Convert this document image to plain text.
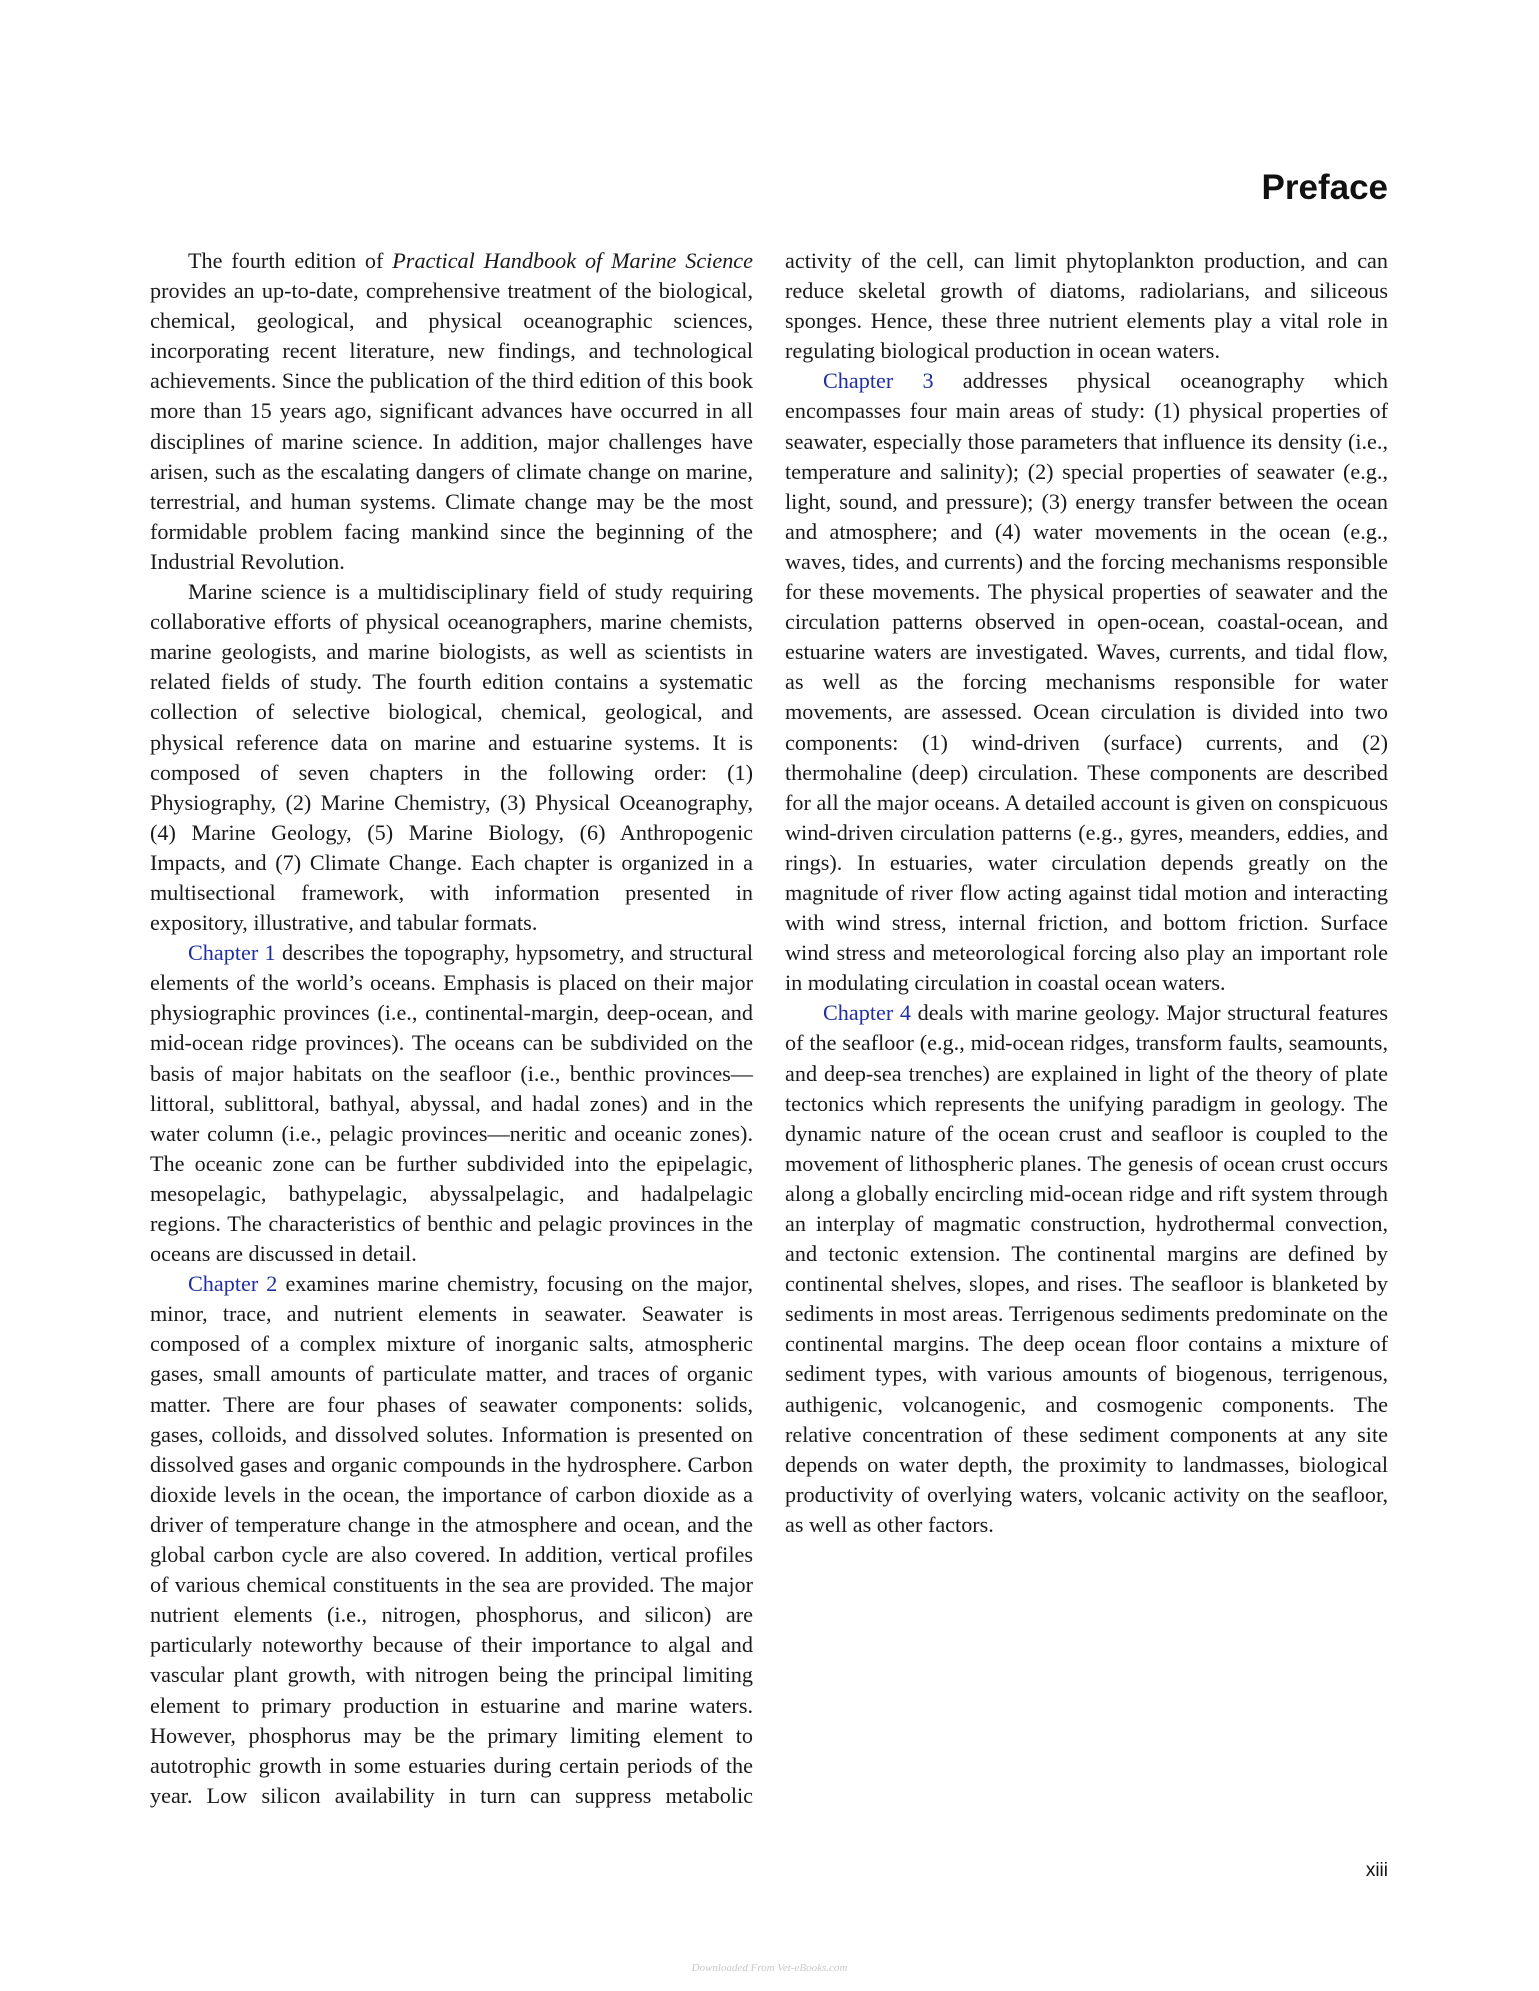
Preface

The fourth edition of Practical Handbook of Marine Science provides an up-to-date, comprehensive treatment of the biological, chemical, geological, and physical oceanographic sciences, incorporating recent literature, new findings, and technological achievements. Since the publication of the third edition of this book more than 15 years ago, significant advances have occurred in all disciplines of marine science. In addition, major challenges have arisen, such as the escalating dangers of climate change on marine, terrestrial, and human systems. Climate change may be the most formidable problem facing mankind since the beginning of the Industrial Revolution.

Marine science is a multidisciplinary field of study requiring collaborative efforts of physical oceanographers, marine chemists, marine geologists, and marine biologists, as well as scientists in related fields of study. The fourth edition contains a systematic collection of selective biological, chemical, geological, and physical reference data on marine and estuarine systems. It is composed of seven chapters in the following order: (1) Physiography, (2) Marine Chemistry, (3) Physical Oceanography, (4) Marine Geology, (5) Marine Biology, (6) Anthropogenic Impacts, and (7) Climate Change. Each chapter is organized in a multisectional framework, with information presented in expository, illustrative, and tabular formats.

Chapter 1 describes the topography, hypsometry, and structural elements of the world’s oceans. Emphasis is placed on their major physiographic provinces (i.e., continental-margin, deep-ocean, and mid-ocean ridge provinces). The oceans can be subdivided on the basis of major habitats on the seafloor (i.e., benthic provinces—littoral, sublittoral, bathyal, abyssal, and hadal zones) and in the water column (i.e., pelagic provinces—neritic and oceanic zones). The oceanic zone can be further subdivided into the epipelagic, mesopelagic, bathypelagic, abyssalpelagic, and hadalpelagic regions. The characteristics of benthic and pelagic provinces in the oceans are discussed in detail.

Chapter 2 examines marine chemistry, focusing on the major, minor, trace, and nutrient elements in seawater. Seawater is composed of a complex mixture of inorganic salts, atmospheric gases, small amounts of particulate matter, and traces of organic matter. There are four phases of seawater components: solids, gases, colloids, and dissolved solutes. Information is presented on dissolved gases and organic compounds in the hydrosphere. Carbon dioxide levels in the ocean, the importance of carbon dioxide as a driver of temperature change in the atmosphere and ocean, and the global carbon cycle are also covered. In addition, vertical profiles of various chemical constituents in the sea are provided. The major nutrient elements (i.e., nitrogen, phosphorus, and silicon) are particularly noteworthy because of their importance to algal and vascular plant growth, with nitrogen being the principal limiting element to primary production in estuarine and marine waters. However, phosphorus may be the primary limiting element to autotrophic growth in some estuaries during certain periods of the year. Low silicon availability in turn can suppress metabolic activity of the cell, can limit phytoplankton production, and can reduce skeletal growth of diatoms, radiolarians, and siliceous sponges. Hence, these three nutrient elements play a vital role in regulating biological production in ocean waters.

Chapter 3 addresses physical oceanography which encompasses four main areas of study: (1) physical properties of seawater, especially those parameters that influence its density (i.e., temperature and salinity); (2) special properties of seawater (e.g., light, sound, and pressure); (3) energy transfer between the ocean and atmosphere; and (4) water movements in the ocean (e.g., waves, tides, and currents) and the forcing mechanisms responsible for these movements. The physical properties of seawater and the circulation patterns observed in open-ocean, coastal-ocean, and estuarine waters are investigated. Waves, currents, and tidal flow, as well as the forcing mechanisms responsible for water movements, are assessed. Ocean circulation is divided into two components: (1) wind-driven (surface) currents, and (2) thermohaline (deep) circulation. These components are described for all the major oceans. A detailed account is given on conspicuous wind-driven circulation patterns (e.g., gyres, meanders, eddies, and rings). In estuaries, water circulation depends greatly on the magnitude of river flow acting against tidal motion and interacting with wind stress, internal friction, and bottom friction. Surface wind stress and meteorological forcing also play an important role in modulating circulation in coastal ocean waters.

Chapter 4 deals with marine geology. Major structural features of the seafloor (e.g., mid-ocean ridges, transform faults, seamounts, and deep-sea trenches) are explained in light of the theory of plate tectonics which represents the unifying paradigm in geology. The dynamic nature of the ocean crust and seafloor is coupled to the movement of lithospheric planes. The genesis of ocean crust occurs along a globally encircling mid-ocean ridge and rift system through an interplay of magmatic construction, hydrothermal convection, and tectonic extension. The continental margins are defined by continental shelves, slopes, and rises. The seafloor is blanketed by sediments in most areas. Terrigenous sediments predominate on the continental margins. The deep ocean floor contains a mixture of sediment types, with various amounts of biogenous, terrigenous, authigenic, volcanogenic, and cosmogenic components. The relative concentration of these sediment components at any site depends on water depth, the proximity to landmasses, biological productivity of overlying waters, volcanic activity on the seafloor, as well as other factors.

xiii
Downloaded From Vet-eBooks.com
